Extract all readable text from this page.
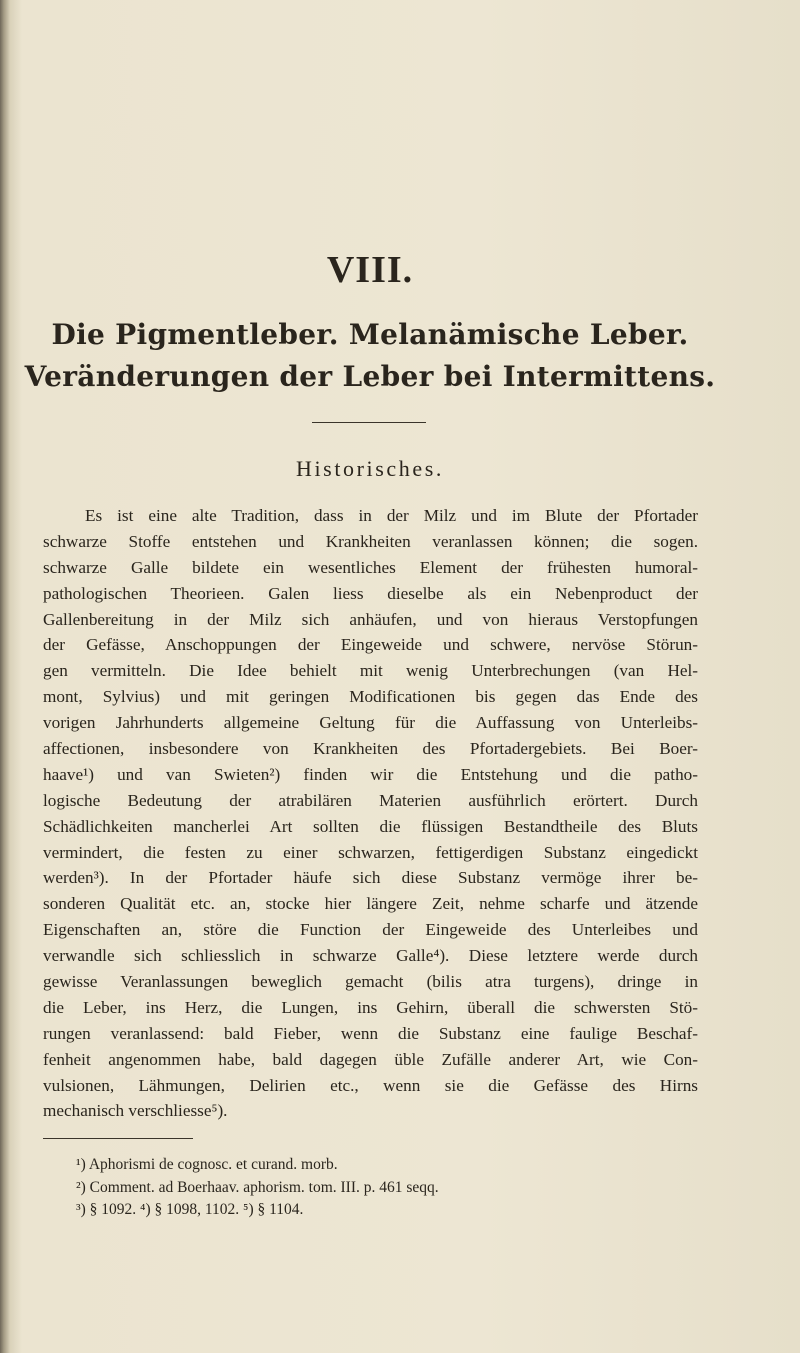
VIII.
Die Pigmentleber. Melanämische Leber.
Veränderungen der Leber bei Intermittens.
Historisches.
Es ist eine alte Tradition, dass in der Milz und im Blute der Pfortader
schwarze Stoffe entstehen und Krankheiten veranlassen können; die sogen.
schwarze Galle bildete ein wesentliches Element der frühesten humoral-
pathologischen Theorieen. Galen liess dieselbe als ein Nebenproduct der
Gallenbereitung in der Milz sich anhäufen, und von hieraus Verstopfungen
der Gefässe, Anschoppungen der Eingeweide und schwere, nervöse Störun-
gen vermitteln. Die Idee behielt mit wenig Unterbrechungen (van Hel-
mont, Sylvius) und mit geringen Modificationen bis gegen das Ende des
vorigen Jahrhunderts allgemeine Geltung für die Auffassung von Unterleibs-
affectionen, insbesondere von Krankheiten des Pfortadergebiets. Bei Boer-
haave¹) und van Swieten²) finden wir die Entstehung und die patho-
logische Bedeutung der atrabilären Materien ausführlich erörtert. Durch
Schädlichkeiten mancherlei Art sollten die flüssigen Bestandtheile des Bluts
vermindert, die festen zu einer schwarzen, fettigerdigen Substanz eingedickt
werden³). In der Pfortader häufe sich diese Substanz vermöge ihrer be-
sonderen Qualität etc. an, stocke hier längere Zeit, nehme scharfe und ätzende
Eigenschaften an, störe die Function der Eingeweide des Unterleibes und
verwandle sich schliesslich in schwarze Galle⁴). Diese letztere werde durch
gewisse Veranlassungen beweglich gemacht (bilis atra turgens), dringe in
die Leber, ins Herz, die Lungen, ins Gehirn, überall die schwersten Stö-
rungen veranlassend: bald Fieber, wenn die Substanz eine faulige Beschaf-
fenheit angenommen habe, bald dagegen üble Zufälle anderer Art, wie Con-
vulsionen, Lähmungen, Delirien etc., wenn sie die Gefässe des Hirns
mechanisch verschliesse⁵).
¹) Aphorismi de cognosc. et curand. morb.
²) Comment. ad Boerhaav. aphorism. tom. III. p. 461 seqq.
³) § 1092. ⁴) § 1098, 1102. ⁵) § 1104.
